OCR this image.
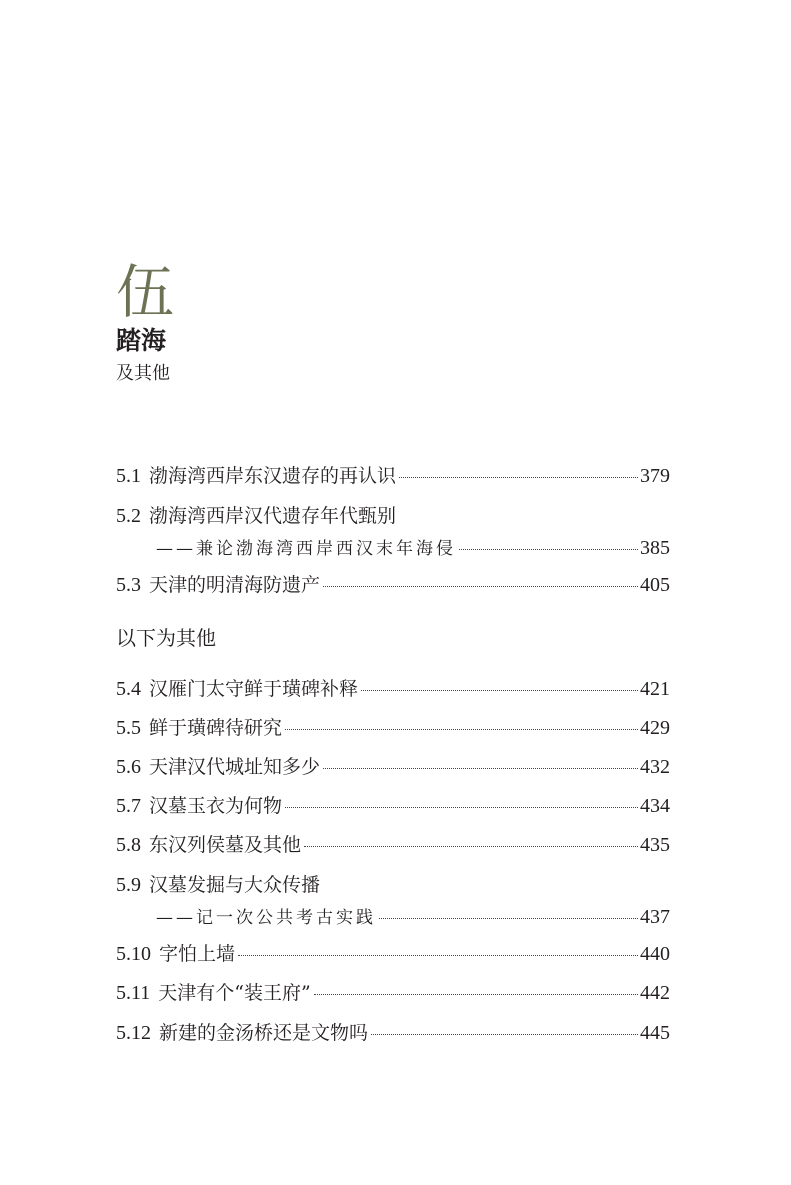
伍
踏海
及其他
5.1 渤海湾西岸东汉遗存的再认识	379
5.2 渤海湾西岸汉代遗存年代甄别
——兼论渤海湾西岸西汉末年海侵	385
5.3 天津的明清海防遗产	405
以下为其他
5.4 汉雁门太守鲜于璜碑补释	421
5.5 鲜于璜碑待研究	429
5.6 天津汉代城址知多少	432
5.7 汉墓玉衣为何物	434
5.8 东汉列侯墓及其他	435
5.9 汉墓发掘与大众传播
——记一次公共考古实践	437
5.10 字怕上墙	440
5.11 天津有个“装王府”	442
5.12 新建的金汤桥还是文物吗	445
